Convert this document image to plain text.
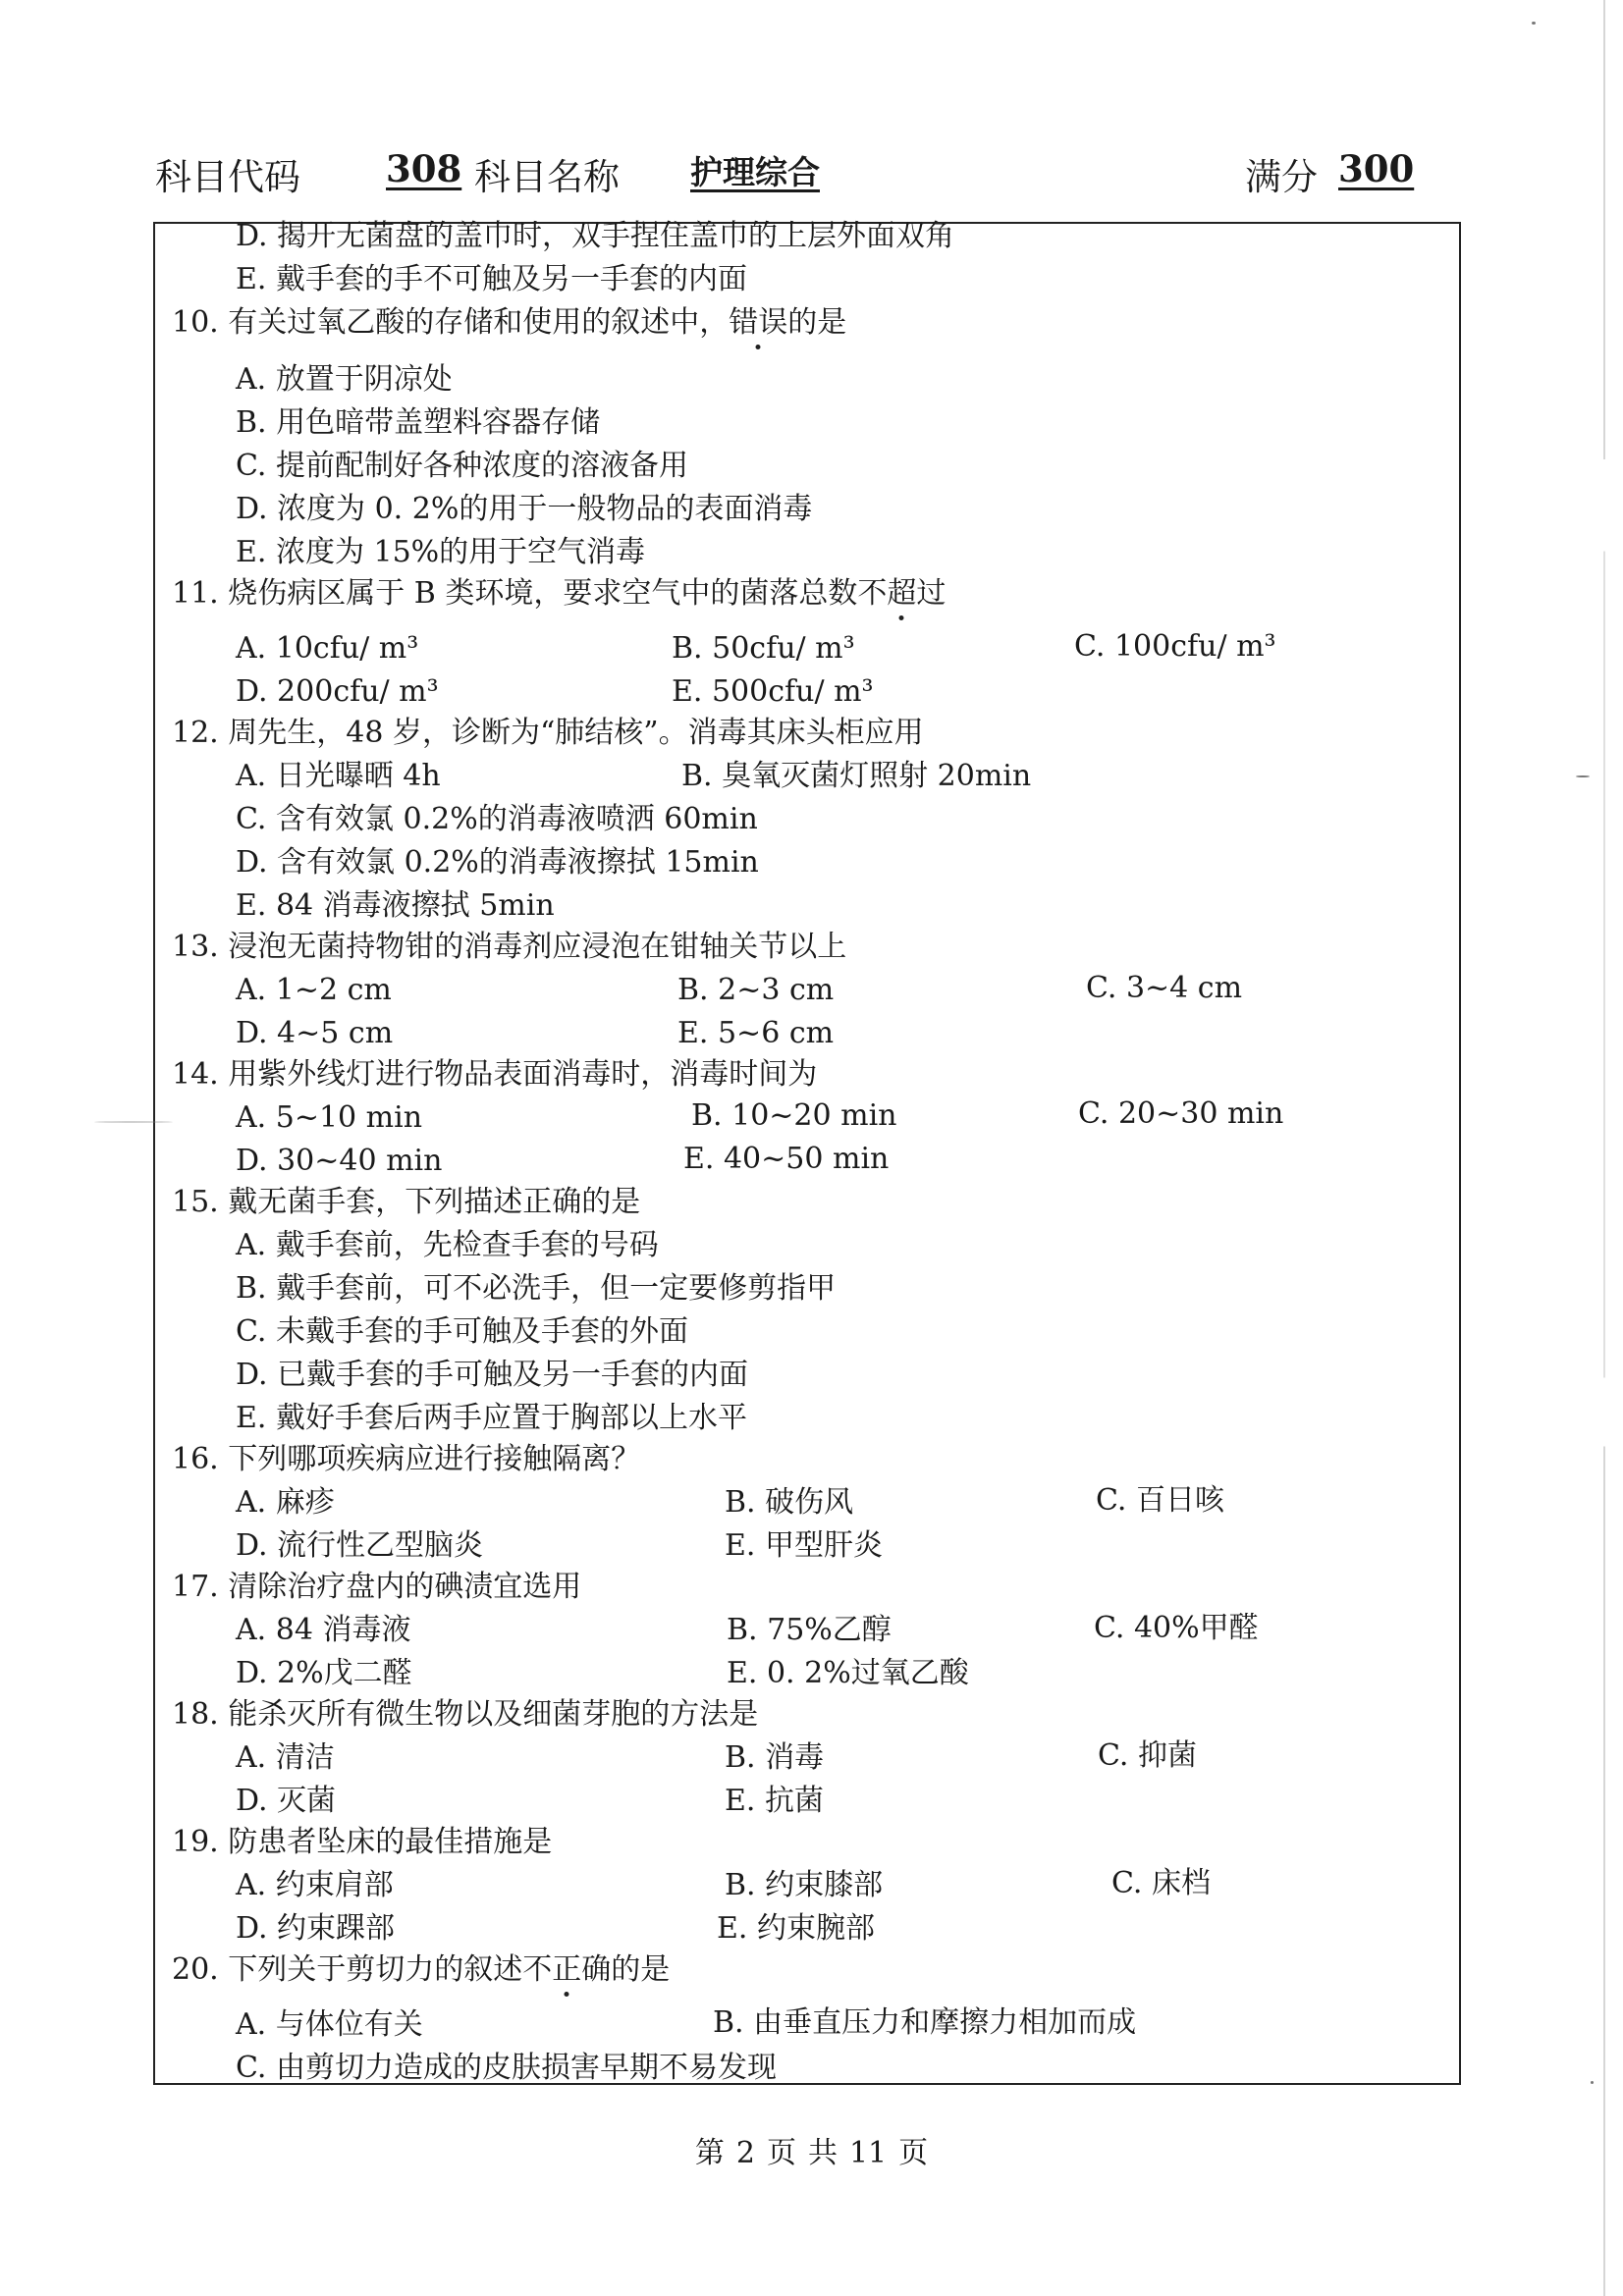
科目代码 308 科目名称 护理综合	满分 300
D. 揭开无菌盘的盖巾时，双手捏住盖巾的上层外面双角
E. 戴手套的手不可触及另一手套的内面
10. 有关过氧乙酸的存储和使用的叙述中，错误的是
A. 放置于阴凉处
B. 用色暗带盖塑料容器存储
C. 提前配制好各种浓度的溶液备用
D. 浓度为 0. 2%的用于一般物品的表面消毒
E. 浓度为 15%的用于空气消毒
11. 烧伤病区属于 B 类环境，要求空气中的菌落总数不超过
A. 10cfu/ m³	B. 50cfu/ m³	C. 100cfu/ m³
D. 200cfu/ m³	E. 500cfu/ m³
12. 周先生，48 岁，诊断为“肺结核”。消毒其床头柜应用
A. 日光曝晒 4h	B. 臭氧灭菌灯照射 20min
C. 含有效氯 0.2%的消毒液喷洒 60min
D. 含有效氯 0.2%的消毒液擦拭 15min
E. 84 消毒液擦拭 5min
13. 浸泡无菌持物钳的消毒剂应浸泡在钳轴关节以上
A. 1~2 cm	B. 2~3 cm	C. 3~4 cm
D. 4~5 cm	E. 5~6 cm
14. 用紫外线灯进行物品表面消毒时，消毒时间为
A. 5~10 min	B. 10~20 min	C. 20~30 min
D. 30~40 min	E. 40~50 min
15. 戴无菌手套，下列描述正确的是
A. 戴手套前，先检查手套的号码
B. 戴手套前，可不必洗手，但一定要修剪指甲
C. 未戴手套的手可触及手套的外面
D. 已戴手套的手可触及另一手套的内面
E. 戴好手套后两手应置于胸部以上水平
16. 下列哪项疾病应进行接触隔离？
A. 麻疹	B. 破伤风	C. 百日咳
D. 流行性乙型脑炎	E. 甲型肝炎
17. 清除治疗盘内的碘渍宜选用
A. 84 消毒液	B. 75%乙醇	C. 40%甲醛
D. 2%戊二醛	E. 0. 2%过氧乙酸
18. 能杀灭所有微生物以及细菌芽胞的方法是
A. 清洁	B. 消毒	C. 抑菌
D. 灭菌	E. 抗菌
19. 防患者坠床的最佳措施是
A. 约束肩部	B. 约束膝部	C. 床档
D. 约束踝部	E. 约束腕部
20. 下列关于剪切力的叙述不正确的是
A. 与体位有关	B. 由垂直压力和摩擦力相加而成
C. 由剪切力造成的皮肤损害早期不易发现
第 2 页 共 11 页
